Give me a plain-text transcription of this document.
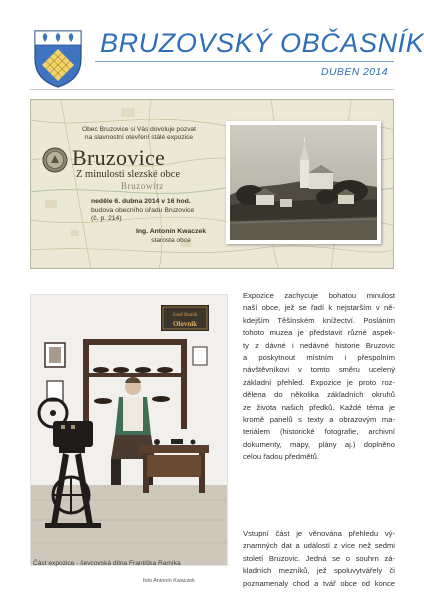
BRUZOVSKÝ OBČASNÍK
DUBEN 2014
Obec Bruzovice si Vás dovoluje pozvat
na slavnostní otevření stálé expozice
Bruzovice
Z minulosti slezské obce
Bruzowitz
neděle 6. dubna 2014 v 16 hod.
budova obecního úřadu Bruzovice
(č. p. 214)
Ing. Antonín Kwaczek
starosta obce
Josef Ramík
Olovnik
Část expozice - ševcovská dílna Františka Ramíka
foto Antonín Kwaczek
Expozice zachycuje bohatou minulost
naší obce, jež se řadí k nejstarším v ně-
kdejším Těšínském knížectví. Posláním
tohoto muzea je představit různé aspek-
ty z dávné i nedávné historie Bruzovic
a poskytnout místním i přespolním
návštěvníkovi v tomto směru ucelený
základní přehled. Expozice je proto roz-
dělena do několika základních okruhů
ze života našich předků. Každé téma je
kromě panelů s texty a obrazovým ma-
teriálem (historické fotografie, archivní
dokumenty, mapy, plány aj.) doplněno
celou řadou předmětů.
Vstupní část je věnována přehledu vý-
znamných dat a událostí z více než sedmi
století Bruzovic. Jedná se o souhrn zá-
kladních mezníků, jež spoluvytvářely či
poznamenaly chod a tvář obce od konce
